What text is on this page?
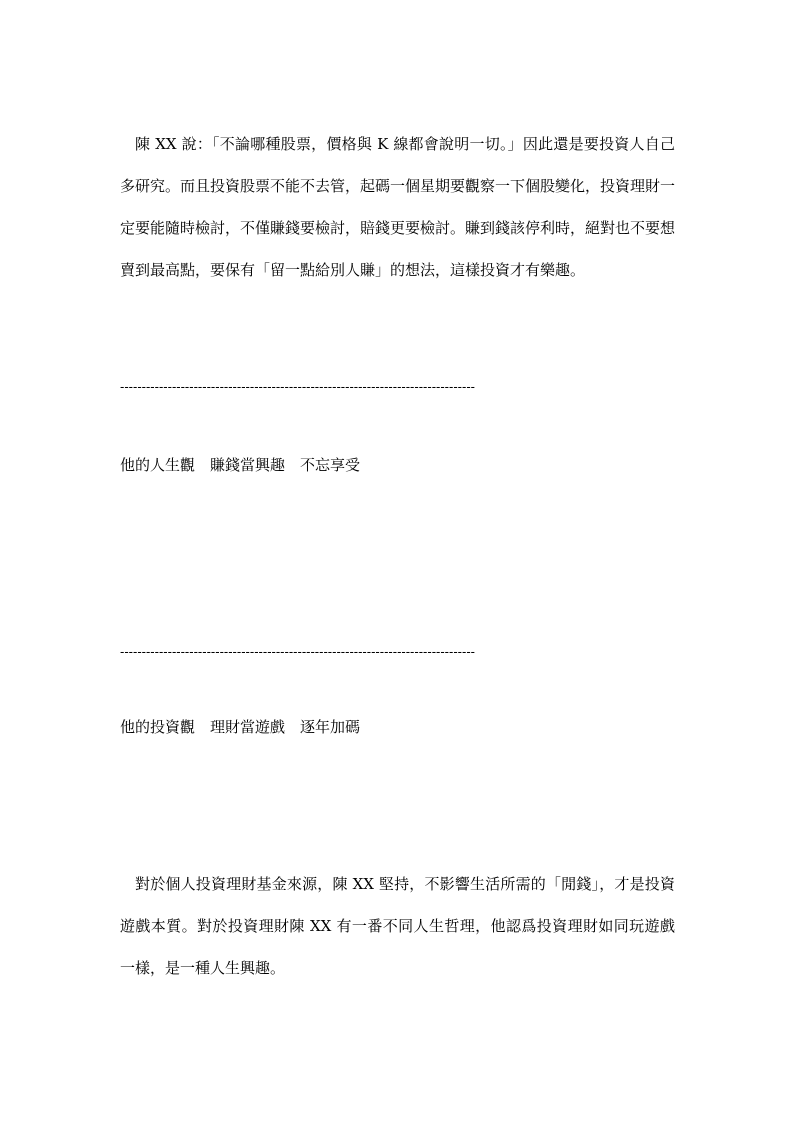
陳 XX 說：「不論哪種股票，價格與 K 線都會說明一切。」因此還是要投資人自己多研究。而且投資股票不能不去管，起碼一個星期要觀察一下個股變化，投資理財一定要能隨時檢討，不僅賺錢要檢討，賠錢更要檢討。賺到錢該停利時，絕對也不要想賣到最高點，要保有「留一點給別人賺」的想法，這樣投資才有樂趣。

----------------------------------------------------------------------------------
他的人生觀　賺錢當興趣　不忘享受
----------------------------------------------------------------------------------
他的投資觀　理財當遊戲　逐年加碼

對於個人投資理財基金來源，陳 XX 堅持，不影響生活所需的「閒錢」，才是投資遊戲本質。對於投資理財陳 XX 有一番不同人生哲理，他認爲投資理財如同玩遊戲一樣，是一種人生興趣。
